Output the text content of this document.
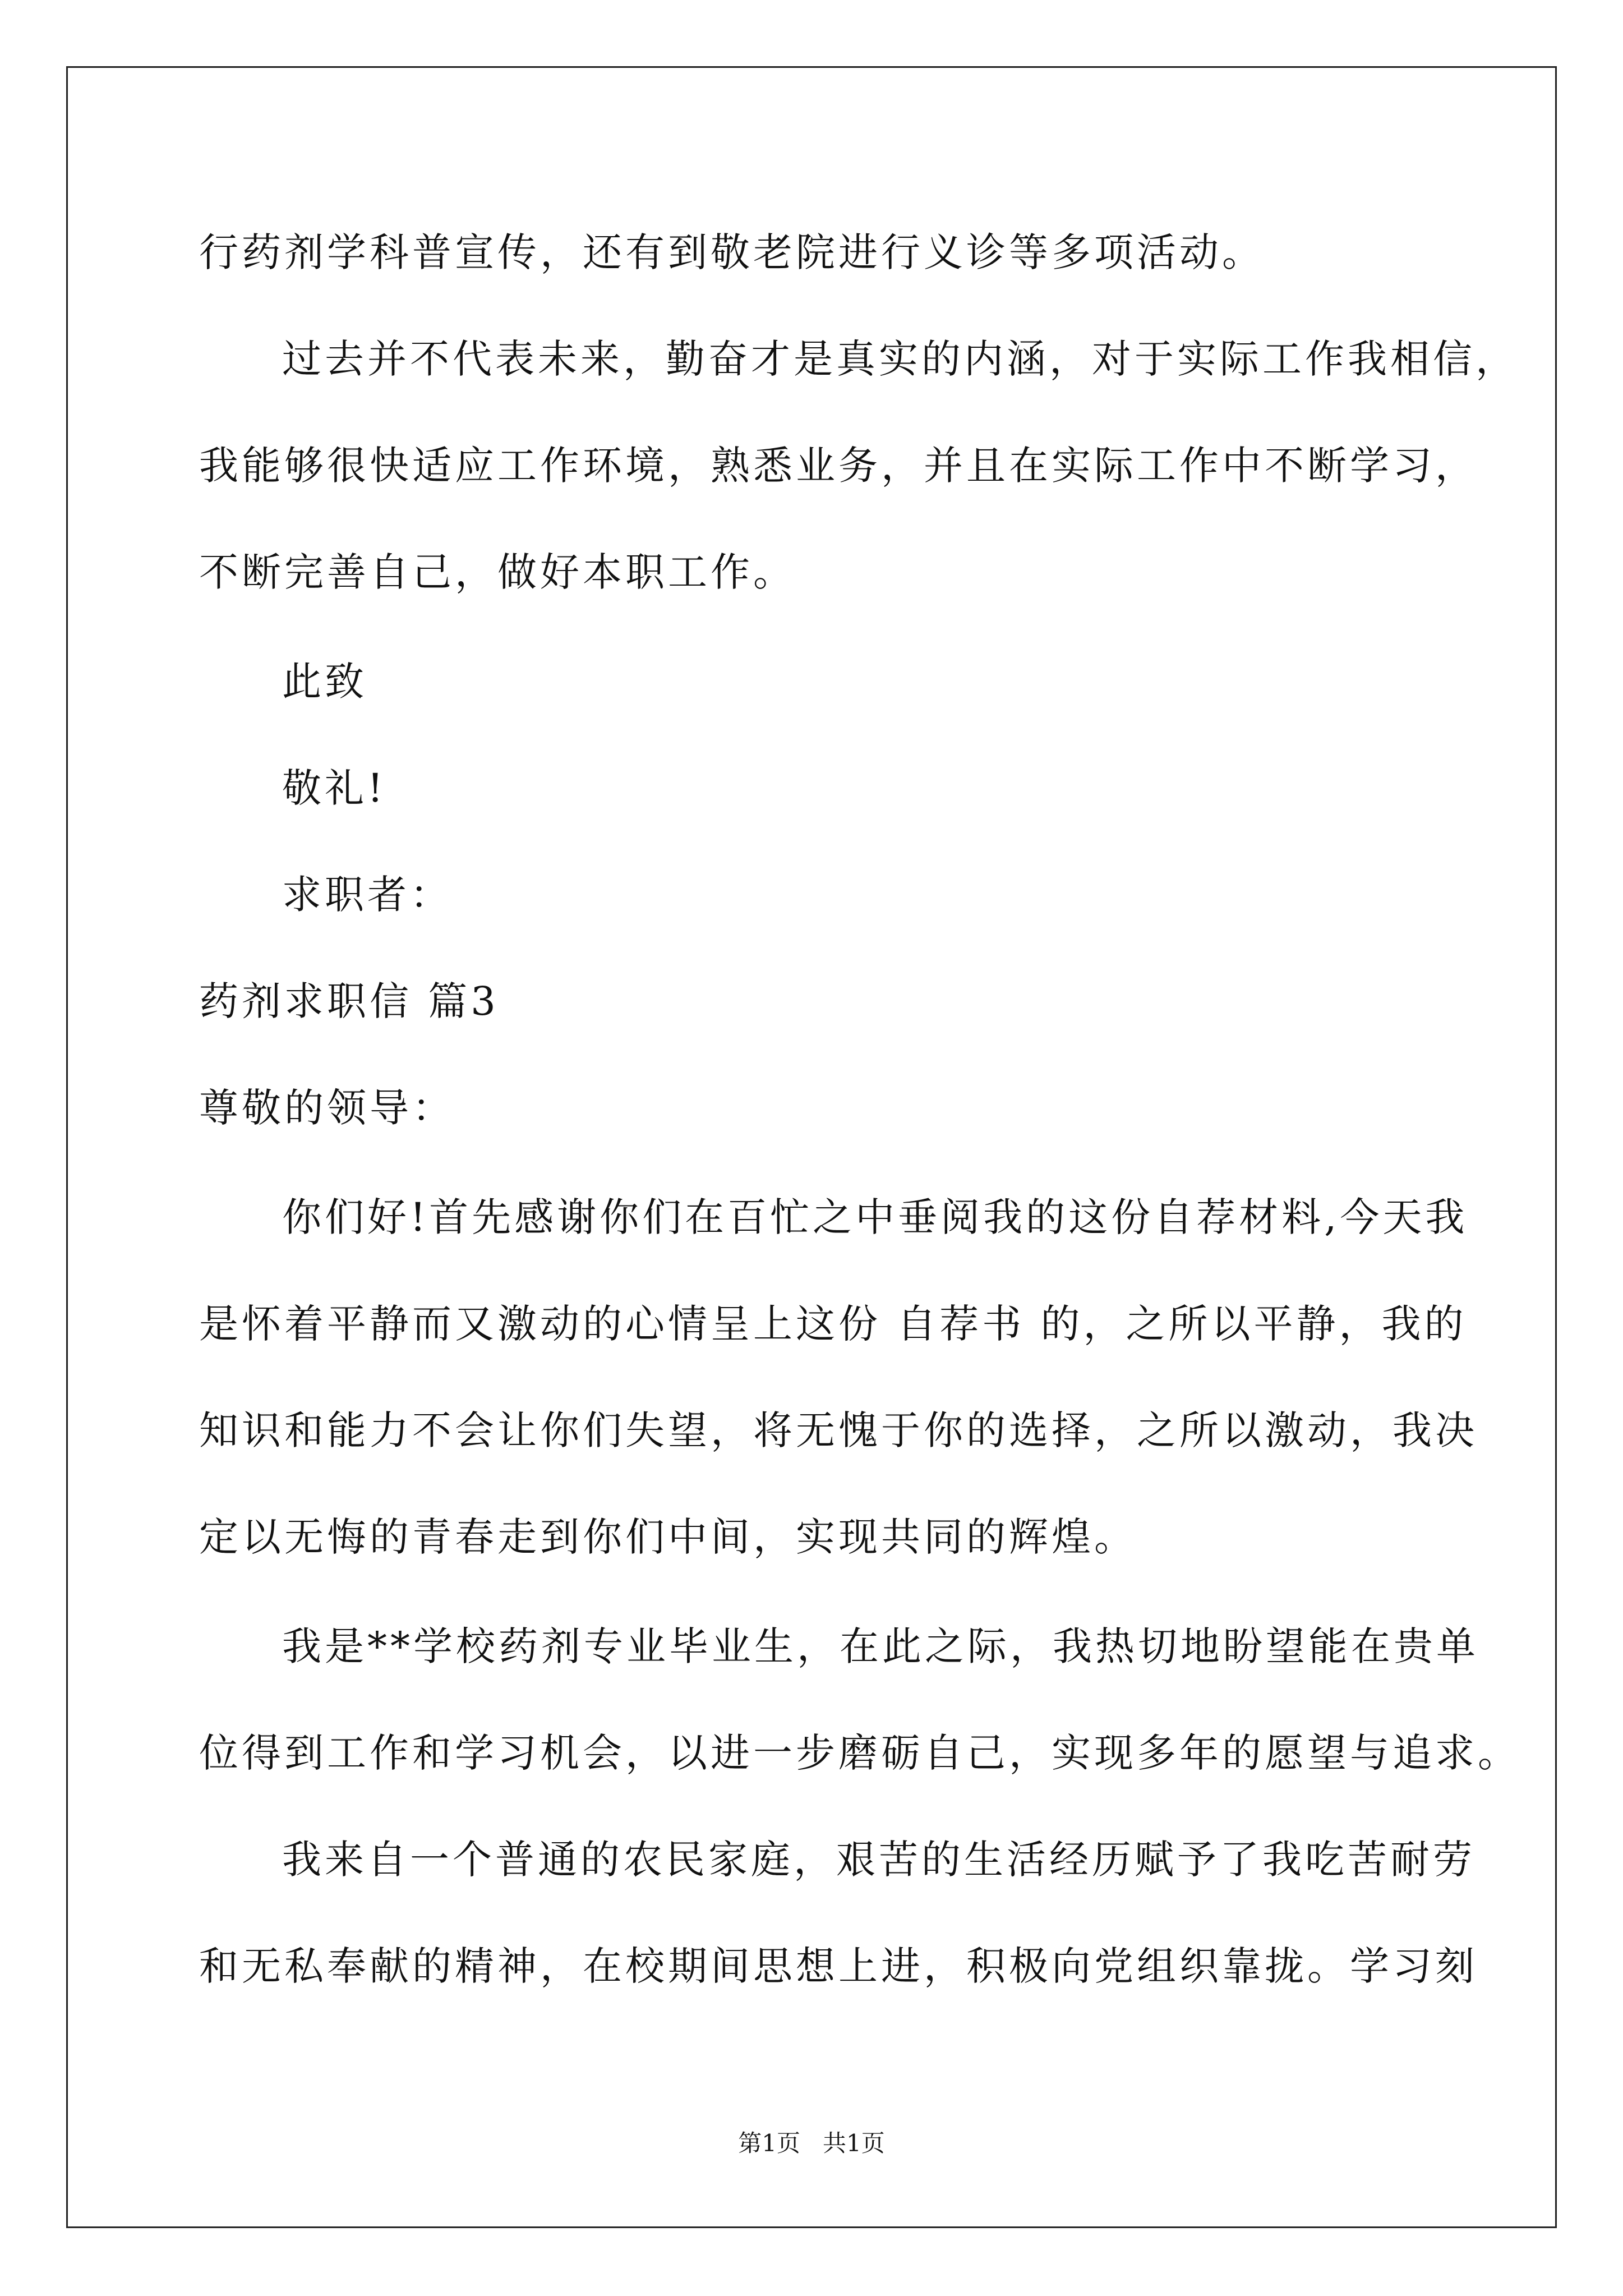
行药剂学科普宣传，还有到敬老院进行义诊等多项活动。
过去并不代表未来，勤奋才是真实的内涵，对于实际工作我相信，
我能够很快适应工作环境，熟悉业务，并且在实际工作中不断学习，
不断完善自己，做好本职工作。
此致
敬礼!
求职者：
药剂求职信 篇3
尊敬的领导：
你们好!首先感谢你们在百忙之中垂阅我的这份自荐材料,今天我
是怀着平静而又激动的心情呈上这份 自荐书 的，之所以平静，我的
知识和能力不会让你们失望，将无愧于你的选择，之所以激动，我决
定以无悔的青春走到你们中间，实现共同的辉煌。
我是**学校药剂专业毕业生，在此之际，我热切地盼望能在贵单
位得到工作和学习机会，以进一步磨砺自己，实现多年的愿望与追求。
我来自一个普通的农民家庭，艰苦的生活经历赋予了我吃苦耐劳
和无私奉献的精神，在校期间思想上进，积极向党组织靠拢。学习刻
第1页   共1页
